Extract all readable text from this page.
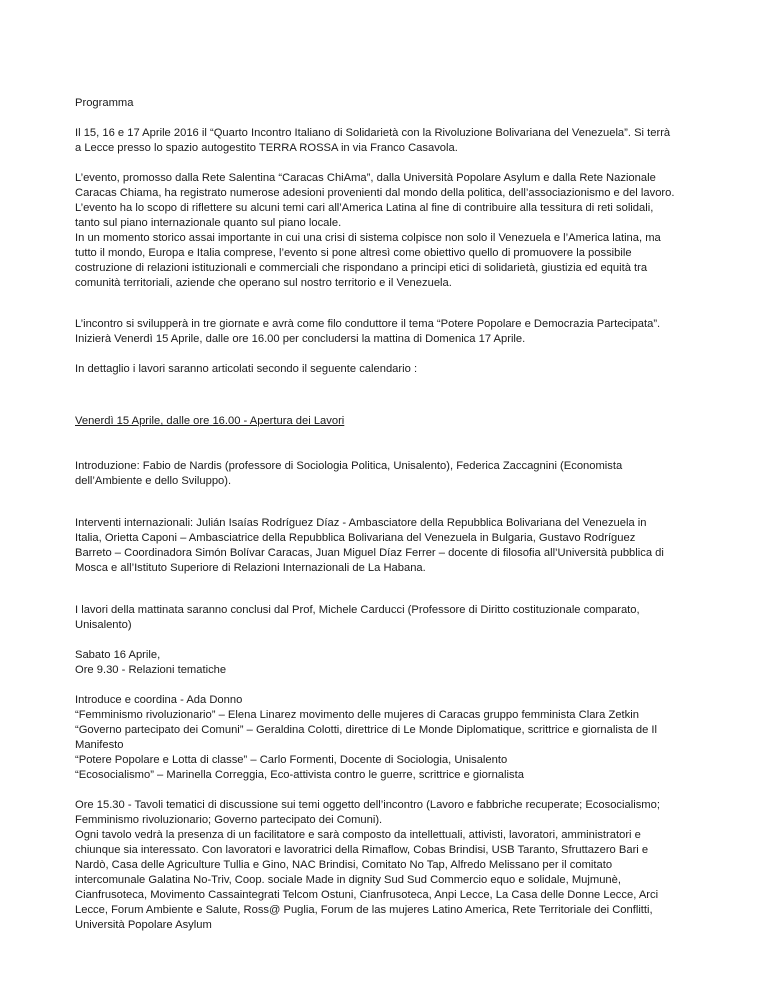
Programma

Il 15, 16 e 17 Aprile 2016 il “Quarto Incontro Italiano di Solidarietà con la Rivoluzione Bolivariana del Venezuela”. Si terrà
a Lecce presso lo spazio autogestito TERRA ROSSA in via Franco Casavola.

L’evento, promosso dalla Rete Salentina “Caracas ChiAma”, dalla Università Popolare Asylum e dalla Rete Nazionale
Caracas Chiama, ha registrato numerose adesioni provenienti dal mondo della politica, dell’associazionismo e del lavoro.
L’evento ha lo scopo di riflettere su alcuni temi cari all’America Latina al fine di contribuire alla tessitura di reti solidali,
tanto sul piano internazionale quanto sul piano locale.
In un momento storico assai importante in cui una crisi di sistema colpisce non solo il Venezuela e l’America latina, ma
tutto il mondo, Europa e Italia comprese, l’evento si pone altresì come obiettivo quello di promuovere la possibile
costruzione di relazioni istituzionali e commerciali che rispondano a principi etici di solidarietà, giustizia ed equità tra
comunità territoriali, aziende che operano sul nostro territorio e il Venezuela.

L’incontro si svilupperà in tre giornate e avrà come filo conduttore il tema “Potere Popolare e Democrazia Partecipata”.
Inizierà Venerdì 15 Aprile, dalle ore 16.00 per concludersi la mattina di Domenica 17 Aprile.

In dettaglio i lavori saranno articolati secondo il seguente calendario :

Venerdì 15 Aprile, dalle ore 16.00 - Apertura dei Lavori

Introduzione: Fabio de Nardis (professore di Sociologia Politica, Unisalento), Federica Zaccagnini (Economista
dell’Ambiente e dello Sviluppo).

Interventi internazionali: Julián Isaías Rodríguez Díaz - Ambasciatore della Repubblica Bolivariana del Venezuela in
Italia, Orietta Caponi – Ambasciatrice della Repubblica Bolivariana del Venezuela in Bulgaria, Gustavo Rodríguez
Barreto – Coordinadora Simón Bolívar Caracas, Juan Miguel Díaz Ferrer – docente di filosofia all’Università pubblica di
Mosca e all’Istituto Superiore di Relazioni Internazionali de La Habana.

I lavori della mattinata saranno conclusi dal Prof, Michele Carducci (Professore di Diritto costituzionale comparato,
Unisalento)

Sabato 16 Aprile,
Ore 9.30 - Relazioni tematiche

Introduce e coordina - Ada Donno
“Femminismo rivoluzionario” – Elena Linarez movimento delle mujeres di Caracas gruppo femminista Clara Zetkin
“Governo partecipato dei Comuni” – Geraldina Colotti, direttrice di Le Monde Diplomatique, scrittrice e giornalista de Il
Manifesto
“Potere Popolare e Lotta di classe” – Carlo Formenti, Docente di Sociologia, Unisalento
“Ecosocialismo” – Marinella Correggia, Eco-attivista contro le guerre, scrittrice e giornalista

Ore 15.30 - Tavoli tematici di discussione sui temi oggetto dell’incontro (Lavoro e fabbriche recuperate; Ecosocialismo;
Femminismo rivoluzionario; Governo partecipato dei Comuni).
Ogni tavolo vedrà la presenza di un facilitatore e sarà composto da intellettuali, attivisti, lavoratori, amministratori e
chiunque sia interessato. Con lavoratori e lavoratrici della Rimaflow, Cobas Brindisi, USB Taranto, Sfruttazero Bari e
Nardò, Casa delle Agriculture Tullia e Gino, NAC Brindisi, Comitato No Tap, Alfredo Melissano per il comitato
intercomunale Galatina No-Triv, Coop. sociale Made in dignity Sud Sud Commercio equo e solidale, Mujmunè,
Cianfrusoteca, Movimento Cassaintegrati Telcom Ostuni, Cianfrusoteca, Anpi Lecce, La Casa delle Donne Lecce, Arci
Lecce, Forum Ambiente e Salute, Ross@ Puglia, Forum de las mujeres Latino America, Rete Territoriale dei Conflitti,
Università Popolare Asylum
